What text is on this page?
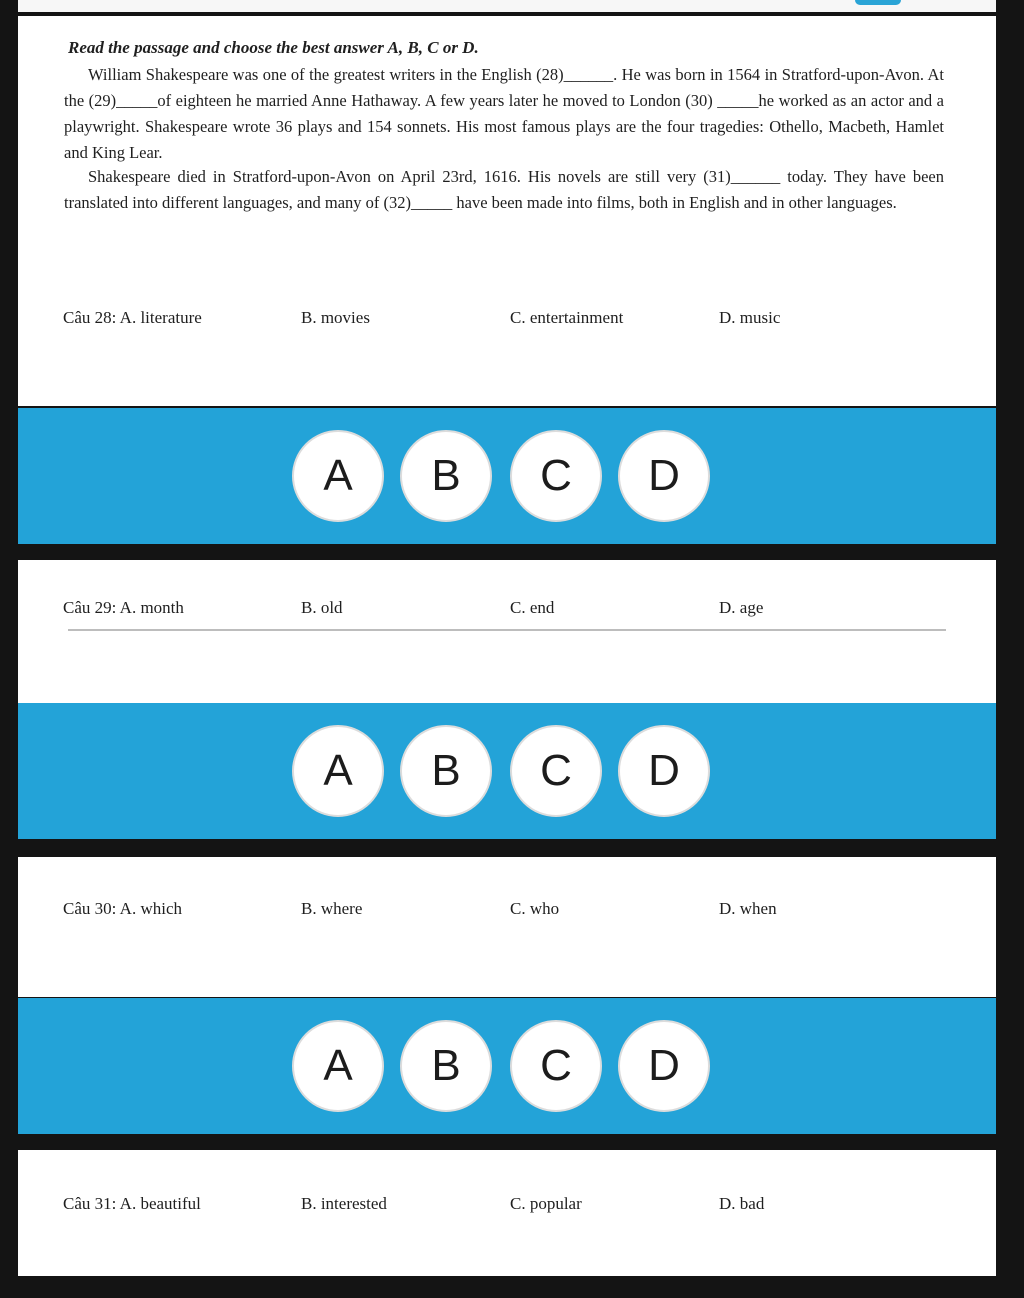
Read the passage and choose the best answer A, B, C or D.

William Shakespeare was one of the greatest writers in the English (28)______. He was born in 1564 in Stratford-upon-Avon. At the (29)_____of eighteen he married Anne Hathaway. A few years later he moved to London (30) _____he worked as an actor and a playwright. Shakespeare wrote 36 plays and 154 sonnets. His most famous plays are the four tragedies: Othello, Macbeth, Hamlet and King Lear.

Shakespeare died in Stratford-upon-Avon on April 23rd, 1616. His novels are still very (31)______ today. They have been translated into different languages, and many of (32)_____ have been made into films, both in English and in other languages.

Câu 28: A. literature	B. movies	C. entertainment	D. music
A	B	C	D
Câu 29: A. month	B. old	C. end	D. age
A	B	C	D
Câu 30: A. which	B. where	C. who	D. when
A	B	C	D
Câu 31: A. beautiful	B. interested	C. popular	D. bad
